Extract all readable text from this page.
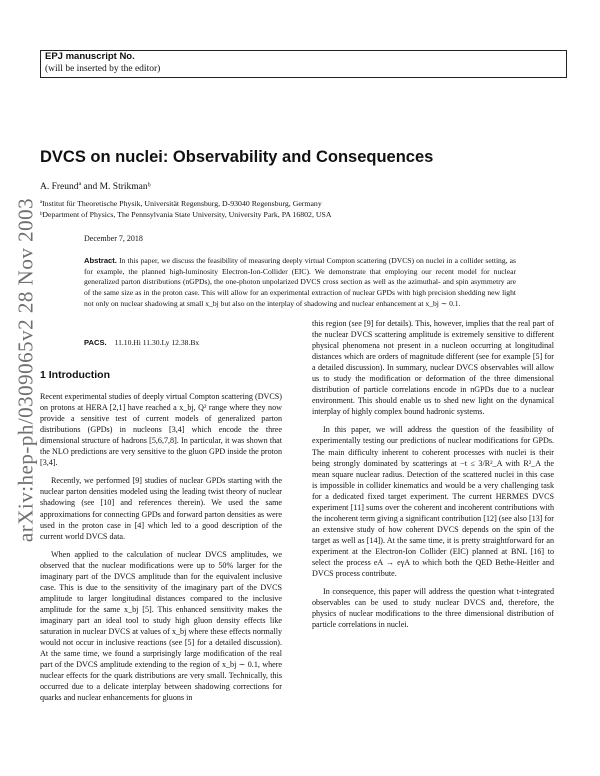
arXiv:hep-ph/0309065v2 28 Nov 2003
EPJ manuscript No.
(will be inserted by the editor)
DVCS on nuclei: Observability and Consequences
A. Freundª and M. Strikmanᵇ
ªInstitut für Theoretische Physik, Universität Regensburg, D-93040 Regensburg, Germany
ᵇDepartment of Physics, The Pennsylvania State University, University Park, PA 16802, USA
December 7, 2018
Abstract. In this paper, we discuss the feasibility of measuring deeply virtual Compton scattering (DVCS) on nuclei in a collider setting, as for example, the planned high-luminosity Electron-Ion-Collider (EIC). We demonstrate that employing our recent model for nuclear generalized parton distributions (nGPDs), the one-photon unpolarized DVCS cross section as well as the azimuthal- and spin asymmetry are of the same size as in the proton case. This will allow for an experimental extraction of nuclear GPDs with high precision shedding new light not only on nuclear shadowing at small x_bj but also on the interplay of shadowing and nuclear enhancement at x_bj ∼ 0.1.
PACS. 11.10.Hi 11.30.Ly 12.38.Bx
1 Introduction

Recent experimental studies of deeply virtual Compton scattering (DVCS) on protons at HERA [2,1] have reached a x_bj, Q² range where they now provide a sensitive test of current models of generalized parton distributions (GPDs) in nucleons [3,4] which encode the three dimensional structure of hadrons [5,6,7,8]. In particular, it was shown that the NLO predictions are very sensitive to the gluon GPD inside the proton [3,4].

Recently, we performed [9] studies of nuclear GPDs starting with the nuclear parton densities modeled using the leading twist theory of nuclear shadowing (see [10] and references therein). We used the same approximations for connecting GPDs and forward parton densities as were used in the proton case in [4] which led to a good description of the current world DVCS data.

When applied to the calculation of nuclear DVCS amplitudes, we observed that the nuclear modifications were up to 50% larger for the imaginary part of the DVCS amplitude than for the equivalent inclusive case. This is due to the sensitivity of the imaginary part of the DVCS amplitude to larger longitudinal distances compared to the inclusive amplitude for the same x_bj [5]. This enhanced sensitivity makes the imaginary part an ideal tool to study high gluon density effects like saturation in nuclear DVCS at values of x_bj where these effects normally would not occur in inclusive reactions (see [5] for a detailed discussion). At the same time, we found a surprisingly large modification of the real part of the DVCS amplitude extending to the region of x_bj ∼ 0.1, where nuclear effects for the quark distributions are very small. Technically, this occurred due to a delicate interplay between shadowing corrections for quarks and nuclear enhancements for gluons in

this region (see [9] for details). This, however, implies that the real part of the nuclear DVCS scattering amplitude is extremely sensitive to different physical phenomena not present in a nucleon occurring at longitudinal distances which are orders of magnitude different (see for example [5] for a detailed discussion). In summary, nuclear DVCS observables will allow us to study the modification or deformation of the three dimensional distribution of particle correlations encode in nGPDs due to a nuclear environment. This should enable us to shed new light on the dynamical interplay of highly complex bound hadronic systems.

In this paper, we will address the question of the feasibility of experimentally testing our predictions of nuclear modifications for GPDs. The main difficulty inherent to coherent processes with nuclei is their being strongly dominated by scatterings at −t ≤ 3/R²_A with R²_A the mean square nuclear radius. Detection of the scattered nuclei in this case is impossible in collider kinematics and would be a very challenging task for a dedicated fixed target experiment. The current HERMES DVCS experiment [11] sums over the coherent and incoherent contributions with the incoherent term giving a significant contribution [12] (see also [13] for an extensive study of how coherent DVCS depends on the spin of the target as well as [14]). At the same time, it is pretty straightforward for an experiment at the Electron-Ion Collider (EIC) planned at BNL [16] to select the process eA → eγA to which both the QED Bethe-Heitler and DVCS process contribute.

In consequence, this paper will address the question what t-integrated observables can be used to study nuclear DVCS and, therefore, the physics of nuclear modifications to the three dimensional distribution of particle correlations in nuclei.
